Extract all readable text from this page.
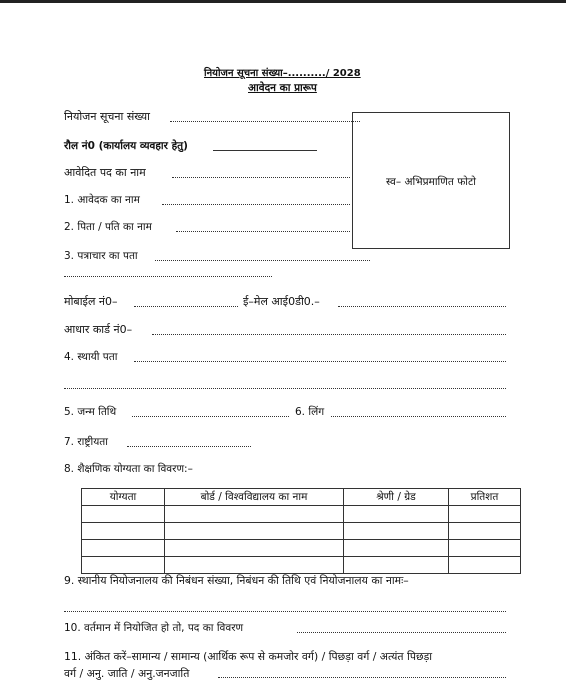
नियोजन सूचना संख्या–........../ 2028
आवेदन का प्रारूप
स्व– अभिप्रमाणित फोटो
नियोजन सूचना संख्या
रौल नं0 (कार्यालय व्यवहार हेतु)
आवेदित पद का नाम
1. आवेदक का नाम
2. पिता / पति का नाम
3. पत्राचार का पता
मोबाईल नं0–	ई–मेल आई0डी0.–
आधार कार्ड नं0–
4. स्थायी पता
5. जन्म तिथि	6. लिंग
7. राष्ट्रीयता
8. शैक्षणिक योग्यता का विवरण:–
योग्यता	बोर्ड / विश्वविद्यालय का नाम	श्रेणी / ग्रेड	प्रतिशत

9. स्थानीय नियोजनालय की निबंधन संख्या, निबंधन की तिथि एवं नियोजनालय का नामः–
10. वर्तमान में नियोजित हो तो, पद का विवरण
11. अंकित करें–सामान्य / सामान्य (आर्थिक रूप से कमजोर वर्ग) / पिछड़ा वर्ग / अत्यंत पिछड़ा
वर्ग / अनु. जाति / अनु.जनजाति
